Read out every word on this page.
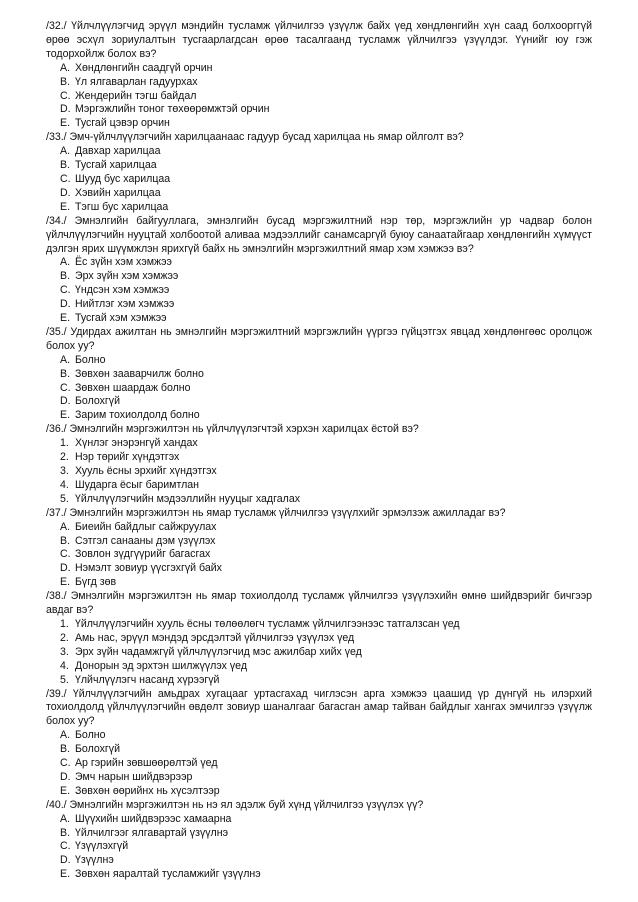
/32./ Үйлчлүүлэгчид эрүүл мэндийн тусламж үйлчилгээ үзүүлж байх үед хөндлөнгийн хүн саад болхоорггүй өрөө эсхүл зориулалтын тусгаарлагдсан өрөө тасалгаанд тусламж үйлчилгээ үзүүлдэг. Үүнийг юу гэж тодорхойлж болох вэ?
A. Хөндлөнгийн саадгүй орчин
B. Үл ялгаварлан гадуурхах
C. Жендерийн тэгш байдал
D. Мэргэжлийн тоног төхөөрөмжтэй орчин
E. Тусгай цэвэр орчин
/33./ Эмч-үйлчлүүлэгчийн харилцаанаас гадуур бусад харилцаа нь ямар ойлголт вэ?
A. Давхар харилцаа
B. Тусгай харилцаа
C. Шууд бус харилцаа
D. Хэвийн харилцаа
E. Тэгш бус харилцаа
/34./ Эмнэлгийн байгууллага, эмнэлгийн бусад мэргэжилтний нэр төр, мэргэжлийн ур чадвар болон үйлчлүүлэгчийн нууцтай холбоотой аливаа мэдээллийг санамсаргүй буюу санаатайгаар хөндлөнгийн хүмүүст дэлгэн ярих шүүмжлэн ярихгүй байх нь эмнэлгийн мэргэжилтний ямар хэм хэмжээ вэ?
A. Ёс зүйн хэм хэмжээ
B. Эрх зүйн хэм хэмжээ
C. Үндсэн хэм хэмжээ
D. Нийтлэг хэм хэмжээ
E. Тусгай хэм хэмжээ
/35./ Удирдах ажилтан нь эмнэлгийн мэргэжилтний мэргэжлийн үүргээ гүйцэтгэх явцад хөндлөнгөөс оролцож болох уу?
A. Болно
B. Зөвхөн зааварчилж болно
C. Зөвхөн шаардаж болно
D. Болохгүй
E. Зарим тохиолдолд болно
/36./ Эмнэлгийн мэргэжилтэн нь үйлчлүүлэгчтэй хэрхэн харилцах ёстой вэ?
1. Хүнлэг энэрэнгүй хандах
2. Нэр төрийг хүндэтгэх
3. Хууль ёсны эрхийг хүндэтгэх
4. Шударга ёсыг баримтлан
5. Үйлчлүүлэгчийн мэдээллийн нууцыг хадгалах
/37./ Эмнэлгийн мэргэжилтэн нь ямар тусламж үйлчилгээ үзүүлхийг эрмэлзэж ажилладаг вэ?
A. Биеийн байдлыг сайжруулах
B. Сэтгэл санааны дэм үзүүлэх
C. Зовлон зүдгүүрийг багасгах
D. Нэмэлт зовиур үүсгэхгүй байх
E. Бүгд зөв
/38./ Эмнэлгийн мэргэжилтэн нь ямар тохиолдолд тусламж үйлчилгээ үзүүлэхийн өмнө шийдвэрийг бичгээр авдаг вэ?
1. Үйлчлүүлэгчийн хууль ёсны төлөөлөгч тусламж үйлчилгээнээс татгалзсан үед
2. Амь нас, эрүүл мэндэд эрсдэлтэй үйлчилгээ үзүүлэх үед
3. Эрх зүйн чадамжгүй үйлчлүүлэгчид мэс ажилбар хийх үед
4. Донорын эд эрхтэн шилжүүлэх үед
5. Үлйчлүүлэгч насанд хүрээгүй
/39./ Үйлчлүүлэгчийн амьдрах хугацааг уртасгахад чиглэсэн арга хэмжээ цаашид үр дүнгүй нь илэрхий тохиолдолд үйлчлүүлэгчийн өвдөлт зовиур шаналгааг багасган амар тайван байдлыг хангах эмчилгээ үзүүлж болох уу?
A. Болно
B. Болохгүй
C. Ар гэрийн зөвшөөрөлтэй үед
D. Эмч нарын шийдвэрээр
E. Зөвхөн өөрийнх нь хүсэлтээр
/40./ Эмнэлгийн мэргэжилтэн нь нэ ял эдэлж буй хүнд үйлчилгээ үзүүлэх үү?
A. Шүүхийн шийдвэрээс хамаарна
B. Үйлчилгээг ялгавартай үзүүлнэ
C. Үзүүлэхгүй
D. Үзүүлнэ
E. Зөвхөн яаралтай тусламжийг үзүүлнэ
